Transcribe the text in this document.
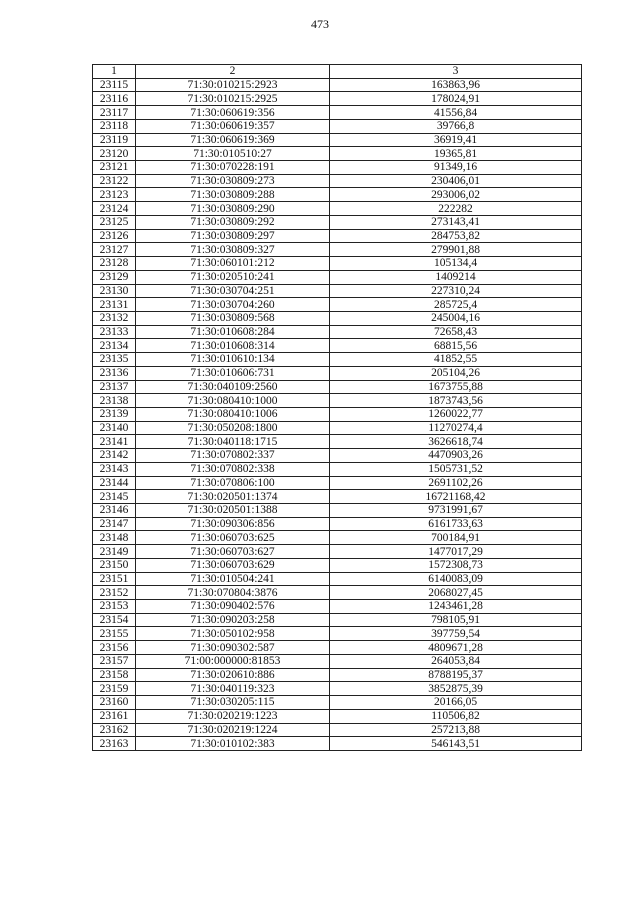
473
1	2	3
23115	71:30:010215:2923	163863,96
23116	71:30:010215:2925	178024,91
23117	71:30:060619:356	41556,84
23118	71:30:060619:357	39766,8
23119	71:30:060619:369	36919,41
23120	71:30:010510:27	19365,81
23121	71:30:070228:191	91349,16
23122	71:30:030809:273	230406,01
23123	71:30:030809:288	293006,02
23124	71:30:030809:290	222282
23125	71:30:030809:292	273143,41
23126	71:30:030809:297	284753,82
23127	71:30:030809:327	279901,88
23128	71:30:060101:212	105134,4
23129	71:30:020510:241	1409214
23130	71:30:030704:251	227310,24
23131	71:30:030704:260	285725,4
23132	71:30:030809:568	245004,16
23133	71:30:010608:284	72658,43
23134	71:30:010608:314	68815,56
23135	71:30:010610:134	41852,55
23136	71:30:010606:731	205104,26
23137	71:30:040109:2560	1673755,88
23138	71:30:080410:1000	1873743,56
23139	71:30:080410:1006	1260022,77
23140	71:30:050208:1800	11270274,4
23141	71:30:040118:1715	3626618,74
23142	71:30:070802:337	4470903,26
23143	71:30:070802:338	1505731,52
23144	71:30:070806:100	2691102,26
23145	71:30:020501:1374	16721168,42
23146	71:30:020501:1388	9731991,67
23147	71:30:090306:856	6161733,63
23148	71:30:060703:625	700184,91
23149	71:30:060703:627	1477017,29
23150	71:30:060703:629	1572308,73
23151	71:30:010504:241	6140083,09
23152	71:30:070804:3876	2068027,45
23153	71:30:090402:576	1243461,28
23154	71:30:090203:258	798105,91
23155	71:30:050102:958	397759,54
23156	71:30:090302:587	4809671,28
23157	71:00:000000:81853	264053,84
23158	71:30:020610:886	8788195,37
23159	71:30:040119:323	3852875,39
23160	71:30:030205:115	20166,05
23161	71:30:020219:1223	110506,82
23162	71:30:020219:1224	257213,88
23163	71:30:010102:383	546143,51
